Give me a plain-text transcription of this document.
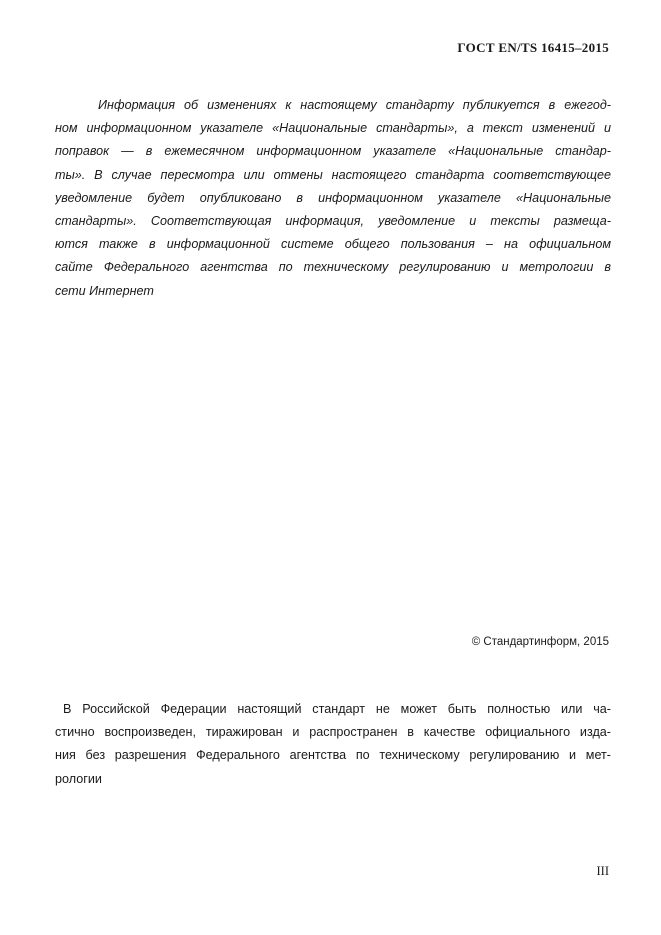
ГОСТ EN/TS 16415–2015
Информация об изменениях к настоящему стандарту публикуется в ежегод-
ном информационном указателе «Национальные стандарты», а текст изменений и
поправок — в ежемесячном информационном указателе «Национальные стандар-
ты». В случае пересмотра или отмены настоящего стандарта соответствующее
уведомление будет опубликовано в информационном указателе «Национальные
стандарты». Соответствующая информация, уведомление и тексты размеща-
ются также в информационной системе общего пользования – на официальном
сайте Федерального агентства по техническому регулированию и метрологии в
сети Интернет
© Стандартинформ, 2015
В Российской Федерации настоящий стандарт не может быть полностью или ча-
стично воспроизведен, тиражирован и распространен в качестве официального изда-
ния без разрешения Федерального агентства по техническому регулированию и мет-
рологии
III
